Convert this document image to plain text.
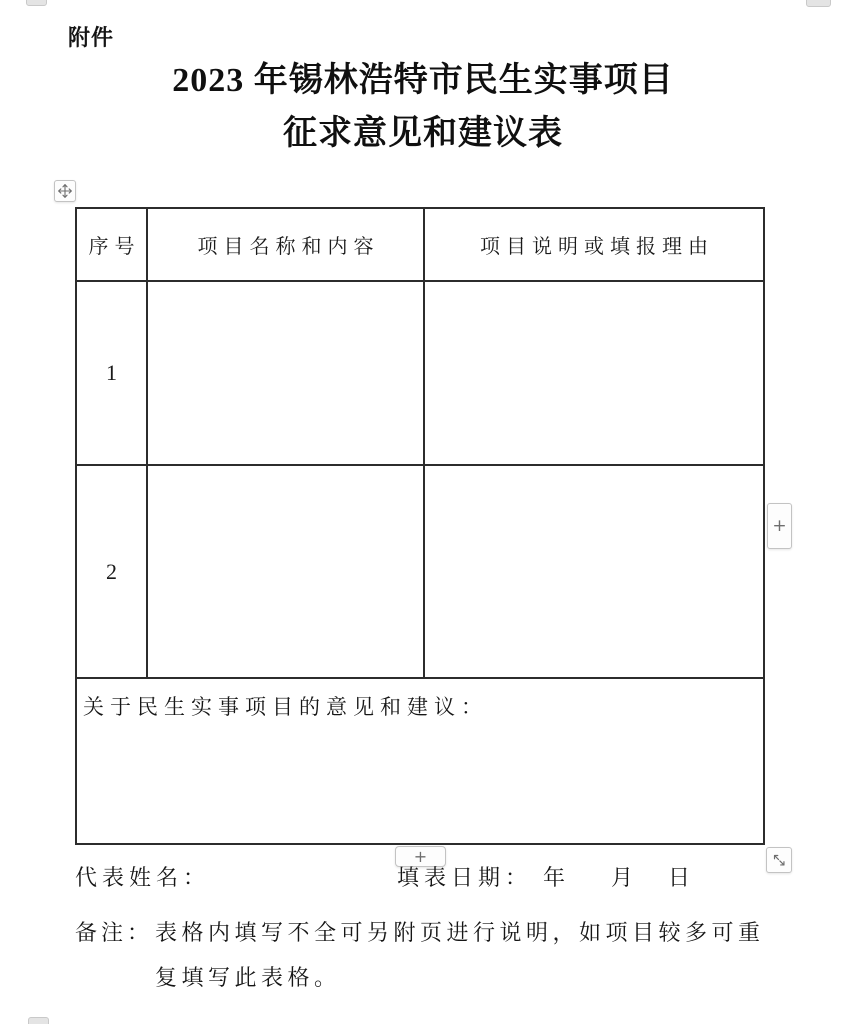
附件
2023 年锡林浩特市民生实事项目
征求意见和建议表
序号	项目名称和内容	项目说明或填报理由
1
2
关于民生实事项目的意见和建议：
+
+
代表姓名：	填表日期： 年 月 日
备注： 表格内填写不全可另附页进行说明，如项目较多可重
复填写此表格。
